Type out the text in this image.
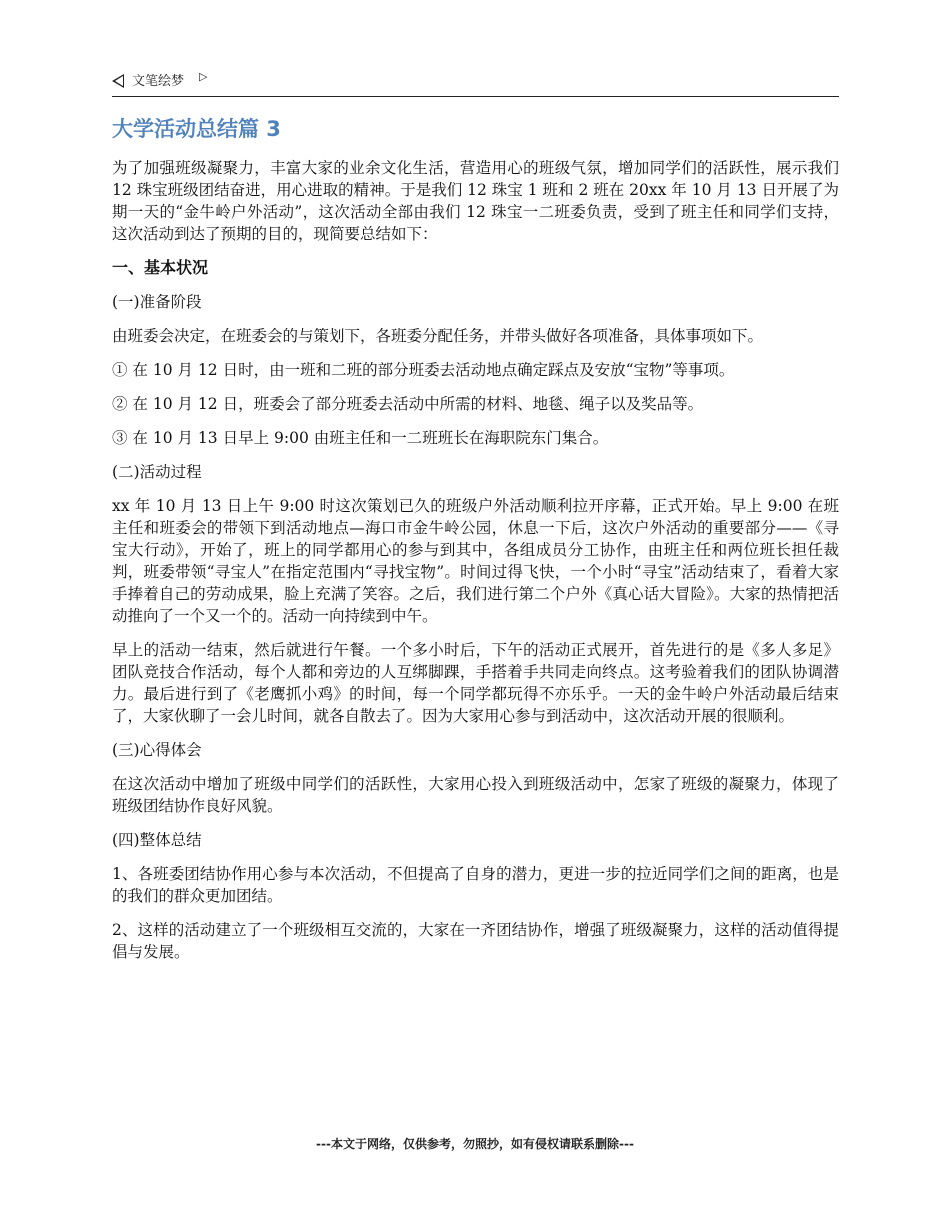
文笔绘梦 ▷
大学活动总结篇 3

为了加强班级凝聚力，丰富大家的业余文化生活，营造用心的班级气氛，增加同学们的活跃性，展示我们 12 珠宝班级团结奋进，用心进取的精神。于是我们 12 珠宝 1 班和 2 班在 20xx 年 10 月 13 日开展了为期一天的“金牛岭户外活动”，这次活动全部由我们 12 珠宝一二班委负责，受到了班主任和同学们支持，这次活动到达了预期的目的，现简要总结如下：

一、基本状况

(一)准备阶段

由班委会决定，在班委会的与策划下，各班委分配任务，并带头做好各项准备，具体事项如下。

① 在 10 月 12 日时，由一班和二班的部分班委去活动地点确定踩点及安放“宝物”等事项。

② 在 10 月 12 日，班委会了部分班委去活动中所需的材料、地毯、绳子以及奖品等。

③ 在 10 月 13 日早上 9:00 由班主任和一二班班长在海职院东门集合。

(二)活动过程

xx 年 10 月 13 日上午 9:00 时这次策划已久的班级户外活动顺利拉开序幕，正式开始。早上 9:00 在班主任和班委会的带领下到活动地点—海口市金牛岭公园，休息一下后，这次户外活动的重要部分——《寻宝大行动》，开始了，班上的同学都用心的参与到其中，各组成员分工协作，由班主任和两位班长担任裁判，班委带领“寻宝人”在指定范围内“寻找宝物”。时间过得飞快，一个小时“寻宝”活动结束了，看着大家手捧着自己的劳动成果，脸上充满了笑容。之后，我们进行第二个户外《真心话大冒险》。大家的热情把活动推向了一个又一个的。活动一向持续到中午。

早上的活动一结束，然后就进行午餐。一个多小时后，下午的活动正式展开，首先进行的是《多人多足》团队竞技合作活动，每个人都和旁边的人互绑脚踝，手搭着手共同走向终点。这考验着我们的团队协调潜力。最后进行到了《老鹰抓小鸡》的时间，每一个同学都玩得不亦乐乎。一天的金牛岭户外活动最后结束了，大家伙聊了一会儿时间，就各自散去了。因为大家用心参与到活动中，这次活动开展的很顺利。

(三)心得体会

在这次活动中增加了班级中同学们的活跃性，大家用心投入到班级活动中，怎家了班级的凝聚力，体现了班级团结协作良好风貌。

(四)整体总结

1、各班委团结协作用心参与本次活动，不但提高了自身的潜力，更进一步的拉近同学们之间的距离，也是的我们的群众更加团结。

2、这样的活动建立了一个班级相互交流的，大家在一齐团结协作，增强了班级凝聚力，这样的活动值得提倡与发展。

---本文于网络，仅供参考，勿照抄，如有侵权请联系删除---
